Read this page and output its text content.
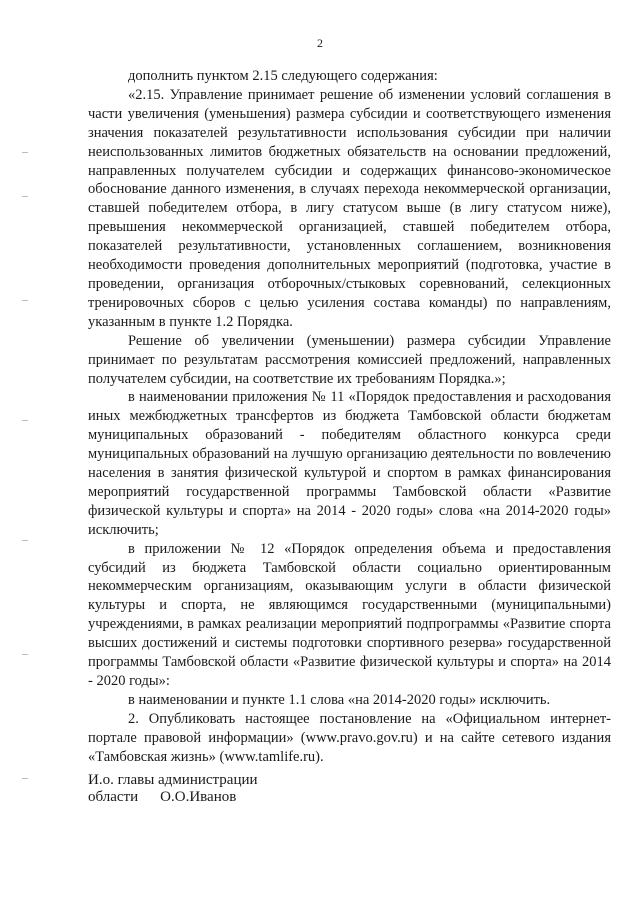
2

дополнить пунктом 2.15 следующего содержания:

«2.15. Управление принимает решение об изменении условий соглашения в части увеличения (уменьшения) размера субсидии и соответствующего изменения значения показателей результативности использования субсидии при наличии неиспользованных лимитов бюджетных обязательств на основании предложений, направленных получателем субсидии и содержащих финансово-экономическое обоснование данного изменения, в случаях перехода некоммерческой организации, ставшей победителем отбора, в лигу статусом выше (в лигу статусом ниже), превышения некоммерческой организацией, ставшей победителем отбора, показателей результативности, установленных соглашением, возникновения необходимости проведения дополнительных мероприятий (подготовка, участие в проведении, организация отборочных/стыковых соревнований, селекционных тренировочных сборов с целью усиления состава команды) по направлениям, указанным в пункте 1.2 Порядка.

Решение об увеличении (уменьшении) размера субсидии Управление принимает по результатам рассмотрения комиссией предложений, направленных получателем субсидии, на соответствие их требованиям Порядка.»;

в наименовании приложения № 11 «Порядок предоставления и расходования иных межбюджетных трансфертов из бюджета Тамбовской области бюджетам муниципальных образований - победителям областного конкурса среди муниципальных образований на лучшую организацию деятельности по вовлечению населения в занятия физической культурой и спортом в рамках финансирования мероприятий государственной программы Тамбовской области «Развитие физической культуры и спорта» на 2014 - 2020 годы» слова «на 2014-2020 годы» исключить;

в приложении № 12 «Порядок определения объема и предоставления субсидий из бюджета Тамбовской области социально ориентированным некоммерческим организациям, оказывающим услуги в области физической культуры и спорта, не являющимся государственными (муниципальными) учреждениями, в рамках реализации мероприятий подпрограммы «Развитие спорта высших достижений и системы подготовки спортивного резерва» государственной программы Тамбовской области «Развитие физической культуры и спорта» на 2014 - 2020 годы»:

в наименовании и пункте 1.1 слова «на 2014-2020 годы» исключить.

2. Опубликовать настоящее постановление на «Официальном интернет-портале правовой информации» (www.pravo.gov.ru) и на сайте сетевого издания «Тамбовская жизнь» (www.tamlife.ru).

И.о. главы администрации
области О.О.Иванов
